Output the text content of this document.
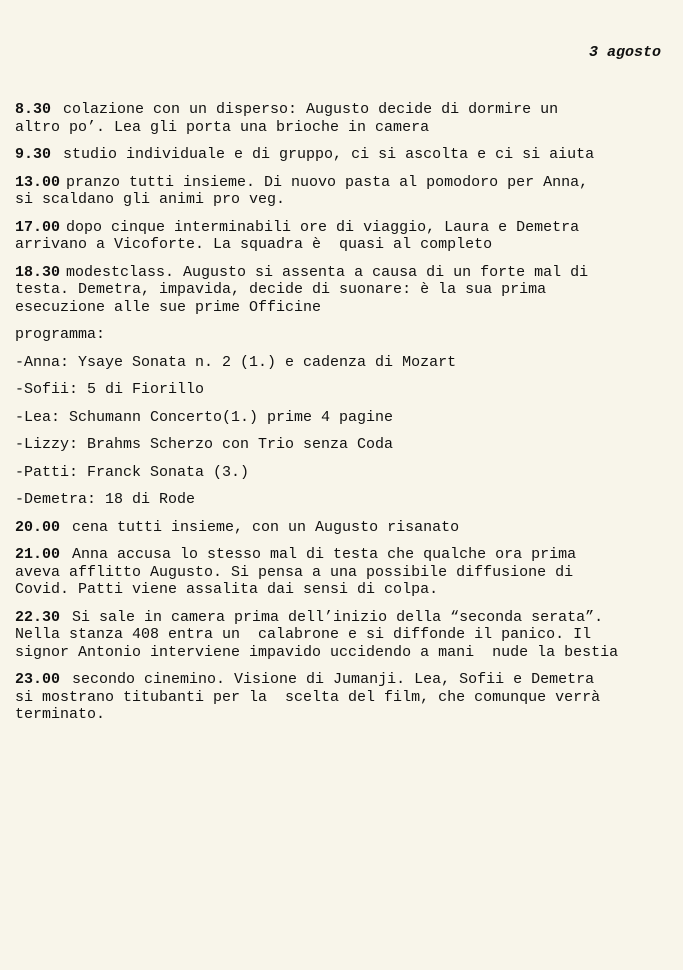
3 agosto

8.30 colazione con un disperso: Augusto decide di dormire un
altro po’. Lea gli porta una brioche in camera

9.30 studio individuale e di gruppo, ci si ascolta e ci si aiuta

13.00 pranzo tutti insieme. Di nuovo pasta al pomodoro per Anna,
si scaldano gli animi pro veg.

17.00 dopo cinque interminabili ore di viaggio, Laura e Demetra
arrivano a Vicoforte. La squadra è  quasi al completo

18.30 modestclass. Augusto si assenta a causa di un forte mal di
testa. Demetra, impavida, decide di suonare: è la sua prima
esecuzione alle sue prime Officine

programma:

-Anna: Ysaye Sonata n. 2 (1.) e cadenza di Mozart

-Sofii: 5 di Fiorillo

-Lea: Schumann Concerto(1.) prime 4 pagine

-Lizzy: Brahms Scherzo con Trio senza Coda

-Patti: Franck Sonata (3.)

-Demetra: 18 di Rode

20.00 cena tutti insieme, con un Augusto risanato

21.00 Anna accusa lo stesso mal di testa che qualche ora prima
aveva afflitto Augusto. Si pensa a una possibile diffusione di
Covid. Patti viene assalita dai sensi di colpa.

22.30 Si sale in camera prima dell’inizio della “seconda serata”.
Nella stanza 408 entra un  calabrone e si diffonde il panico. Il
signor Antonio interviene impavido uccidendo a mani  nude la bestia

23.00 secondo cinemino. Visione di Jumanji. Lea, Sofii e Demetra
si mostrano titubanti per la  scelta del film, che comunque verrà
terminato.
